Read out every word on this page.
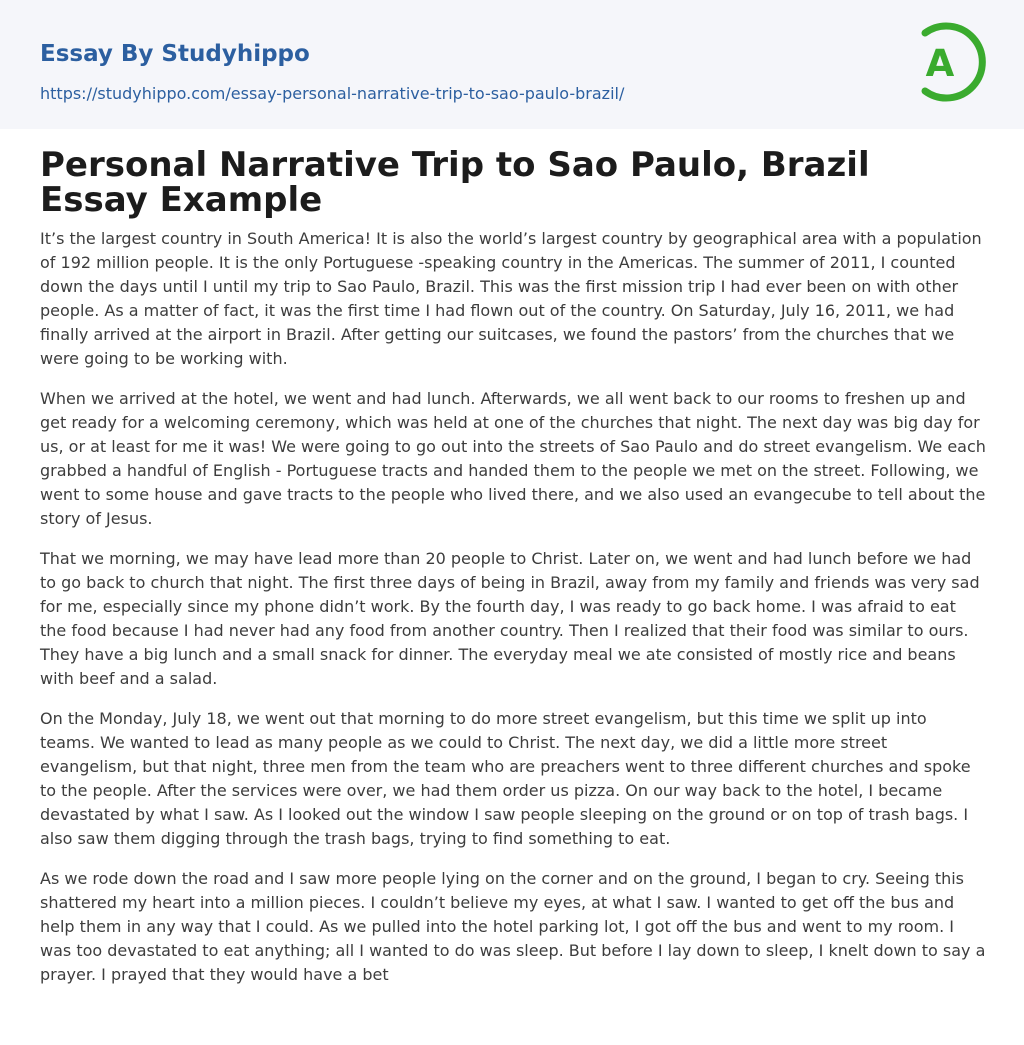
Essay By Studyhippo
https://studyhippo.com/essay-personal-narrative-trip-to-sao-paulo-brazil/
A
Personal Narrative Trip to Sao Paulo, Brazil Essay Example

It’s the largest country in South America! It is also the world’s largest country by geographical area with a population of 192 million people. It is the only Portuguese -speaking country in the Americas. The summer of 2011, I counted down the days until I until my trip to Sao Paulo, Brazil. This was the first mission trip I had ever been on with other people. As a matter of fact, it was the first time I had flown out of the country. On Saturday, July 16, 2011, we had finally arrived at the airport in Brazil. After getting our suitcases, we found the pastors’ from the churches that we were going to be working with.

When we arrived at the hotel, we went and had lunch. Afterwards, we all went back to our rooms to freshen up and get ready for a welcoming ceremony, which was held at one of the churches that night. The next day was big day for us, or at least for me it was! We were going to go out into the streets of Sao Paulo and do street evangelism. We each grabbed a handful of English - Portuguese tracts and handed them to the people we met on the street. Following, we went to some house and gave tracts to the people who lived there, and we also used an evangecube to tell about the story of Jesus.

That we morning, we may have lead more than 20 people to Christ. Later on, we went and had lunch before we had to go back to church that night. The first three days of being in Brazil, away from my family and friends was very sad for me, especially since my phone didn’t work. By the fourth day, I was ready to go back home. I was afraid to eat the food because I had never had any food from another country. Then I realized that their food was similar to ours. They have a big lunch and a small snack for dinner. The everyday meal we ate consisted of mostly rice and beans with beef and a salad.

On the Monday, July 18, we went out that morning to do more street evangelism, but this time we split up into teams. We wanted to lead as many people as we could to Christ. The next day, we did a little more street evangelism, but that night, three men from the team who are preachers went to three different churches and spoke to the people. After the services were over, we had them order us pizza. On our way back to the hotel, I became devastated by what I saw. As I looked out the window I saw people sleeping on the ground or on top of trash bags. I also saw them digging through the trash bags, trying to find something to eat.

As we rode down the road and I saw more people lying on the corner and on the ground, I began to cry. Seeing this shattered my heart into a million pieces. I couldn’t believe my eyes, at what I saw. I wanted to get off the bus and help them in any way that I could. As we pulled into the hotel parking lot, I got off the bus and went to my room. I was too devastated to eat anything; all I wanted to do was sleep. But before I lay down to sleep, I knelt down to say a prayer. I prayed that they would have a bet
